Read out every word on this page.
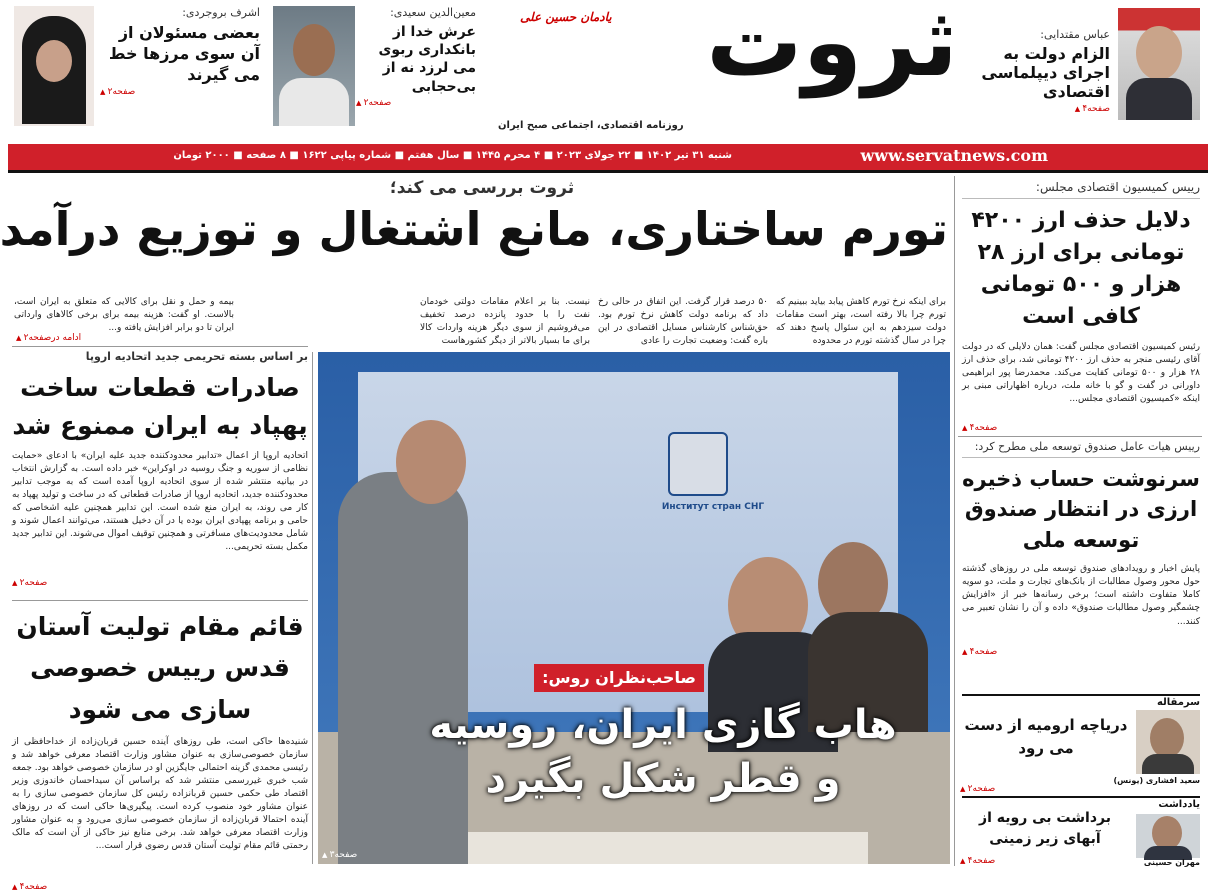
عباس مقتدایی:
الزام دولت به اجرای دیپلماسی اقتصادی
صفحه۴ ▲
ثروت
یادمان حسین علی
روزنامه اقتصادی، اجتماعی صبح ایران
معین‌الدین سعیدی:
عرش خدا از بانکداری ربوی می لرزد نه از بی‌حجابی
صفحه۲ ▲
اشرف بروجردی:
بعضی مسئولان از آن سوی مرزها خط می گیرند
صفحه۲ ▲
www.servatnews.com
شنبه ۳۱ تیر ۱۴۰۲ ■ ۲۲ جولای ۲۰۲۳ ■ ۴ محرم ۱۴۴۵ ■ سال هفتم ■ شماره پیاپی ۱۶۲۲ ■ ۸ صفحه ■ ۲۰۰۰ تومان
رییس کمیسیون اقتصادی مجلس:
دلایل حذف ارز ۴۲۰۰ تومانی برای ارز ۲۸ هزار و ۵۰۰ تومانی کافی است
رئیس کمیسیون اقتصادی مجلس گفت: همان دلایلی که در دولت آقای رئیسی منجر به حذف ارز ۴۲۰۰ تومانی شد، برای حذف ارز ۲۸ هزار و ۵۰۰ تومانی کفایت می‌کند. محمدرضا پور ابراهیمی داورانی در گفت و گو با خانه ملت، درباره اظهاراتی مبنی بر اینکه «کمیسیون اقتصادی مجلس...
صفحه۴ ▲
رییس هیات عامل صندوق توسعه ملی مطرح کرد:
سرنوشت حساب ذخیره ارزی در انتظار صندوق توسعه ملی
پایش اخبار و رویدادهای صندوق توسعه ملی در روزهای گذشته حول محور وصول مطالبات از بانک‌های تجارت و ملت، دو سویه کاملا متفاوت داشته است؛ برخی رسانه‌ها خبر از «افزایش چشمگیر وصول مطالبات صندوق» داده و آن را نشان تعبیر می کنند...
صفحه۴ ▲
سرمقاله
دریاچه ارومیه از دست می رود
سعید افشاری (یونس)
صفحه۲ ▲
یادداشت
برداشت بی رویه از آبهای زیر زمینی
مهران حسینی
صفحه۴ ▲
ثروت بررسی می کند؛
تورم ساختاری، مانع اشتغال و توزیع درآمد
برای اینکه نرخ تورم کاهش پیابد بیاید ببینیم که تورم چرا بالا رفته است، بهتر است مقامات دولت سیزدهم به این سئوال پاسخ دهند که چرا در سال گذشته تورم در محدوده
۵۰ درصد قرار گرفت. این اتفاق در حالی رخ داد که برنامه دولت کاهش نرخ تورم بود. حق‌شناس کارشناس مسایل اقتصادی در این باره گفت: وضعیت تجارت را عادی
نیست. بنا بر اعلام مقامات دولتی خودمان نفت را با حدود پانزده درصد تخفیف می‌فروشیم از سوی دیگر هزینه واردات کالا برای ما بسیار بالاتر از دیگر کشورهاست
بیمه و حمل و نقل برای کالایی که متعلق به ایران است، بالاست. او گفت: هزینه بیمه برای برخی کالاهای وارداتی ایران تا دو برابر افزایش یافته و...
ادامه درصفحه۲ ▲
Институт стран СНГ
صاحب‌نظران روس:
هاب گازی ایران، روسیه و قطر شکل بگیرد
صفحه۳ ▲
بر اساس بسته تحریمی جدید اتحادیه اروپا
صادرات قطعات ساخت پهپاد به ایران ممنوع شد
اتحادیه اروپا از اعمال «تدابیر محدودکننده جدید علیه ایران» با ادعای «حمایت نظامی از سوریه و جنگ روسیه در اوکراین» خبر داده است. به گزارش انتخاب در بیانیه منتشر شده از سوی اتحادیه اروپا آمده است که به موجب تدابیر محدودکننده جدید، اتحادیه اروپا از صادرات قطعاتی که در ساخت و تولید پهپاد به کار می روند، به ایران منع شده است. این تدابیر همچنین علیه اشخاصی که حامی و برنامه پهپادی ایران بوده یا در آن دخیل هستند، می‌توانند اعمال شوند و شامل محدودیت‌های مسافرتی و همچنین توقیف اموال می‌شوند. این تدابیر جدید مکمل بسته تحریمی...
صفحه۲ ▲
قائم مقام تولیت آستان قدس رییس خصوصی سازی می شود
شنیده‌ها حاکی است، طی روزهای آینده حسین قربان‌زاده از خداحافظی از سازمان خصوصی‌سازی به عنوان مشاور وزارت اقتصاد معرفی خواهد شد و رئیسی محمدی گزینه احتمالی جایگزین او در سازمان خصوصی خواهد بود. جمعه شب خبری غیررسمی منتشر شد که براساس آن سیداحسان خاندوزی وزیر اقتصاد طی حکمی حسین قربانزاده رئیس کل سازمان خصوصی سازی را به عنوان مشاور خود منصوب کرده است. پیگیری‌ها حاکی است که در روزهای آینده احتمالا قربان‌زاده از سازمان خصوصی سازی می‌رود و به عنوان مشاور وزارت اقتصاد معرفی خواهد شد. برخی منابع نیز حاکی از آن است که مالک رحمتی قائم مقام تولیت آستان قدس رضوی قرار است...
صفحه۴ ▲
